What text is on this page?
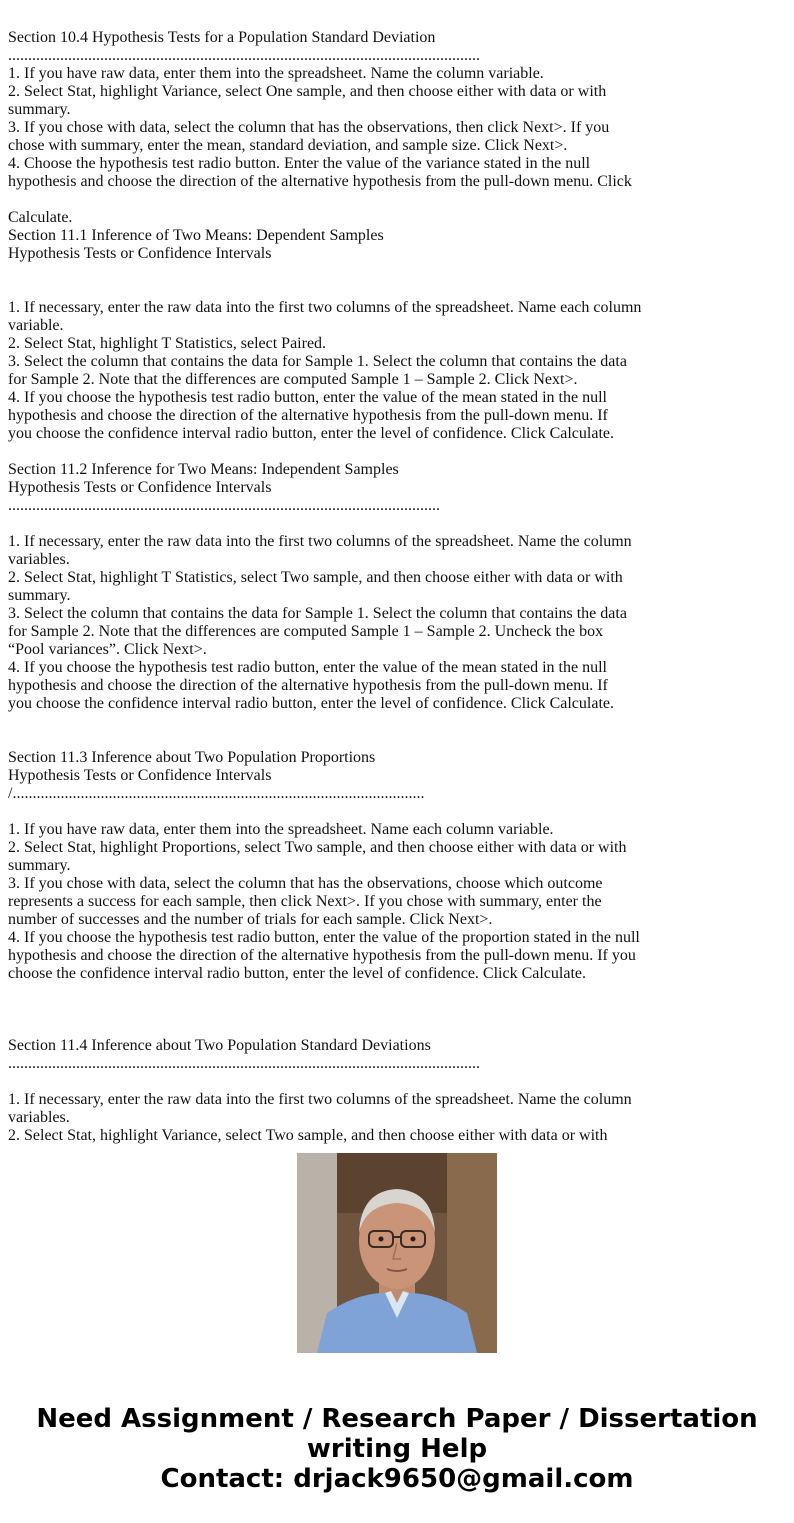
Section 10.4 Hypothesis Tests for a Population Standard Deviation
......................................................................................................................
1. If you have raw data, enter them into the spreadsheet. Name the column variable.
2. Select Stat, highlight Variance, select One sample, and then choose either with data or with
summary.
3. If you chose with data, select the column that has the observations, then click Next>. If you
chose with summary, enter the mean, standard deviation, and sample size. Click Next>.
4. Choose the hypothesis test radio button. Enter the value of the variance stated in the null
hypothesis and choose the direction of the alternative hypothesis from the pull-down menu. Click
Calculate.
Section 11.1 Inference of Two Means: Dependent Samples
Hypothesis Tests or Confidence Intervals
1. If necessary, enter the raw data into the first two columns of the spreadsheet. Name each column
variable.
2. Select Stat, highlight T Statistics, select Paired.
3. Select the column that contains the data for Sample 1. Select the column that contains the data
for Sample 2. Note that the differences are computed Sample 1 – Sample 2. Click Next>.
4. If you choose the hypothesis test radio button, enter the value of the mean stated in the null
hypothesis and choose the direction of the alternative hypothesis from the pull-down menu. If
you choose the confidence interval radio button, enter the level of confidence. Click Calculate.
Section 11.2 Inference for Two Means: Independent Samples
Hypothesis Tests or Confidence Intervals
............................................................................................................
1. If necessary, enter the raw data into the first two columns of the spreadsheet. Name the column
variables.
2. Select Stat, highlight T Statistics, select Two sample, and then choose either with data or with
summary.
3. Select the column that contains the data for Sample 1. Select the column that contains the data
for Sample 2. Note that the differences are computed Sample 1 – Sample 2. Uncheck the box
“Pool variances”. Click Next>.
4. If you choose the hypothesis test radio button, enter the value of the mean stated in the null
hypothesis and choose the direction of the alternative hypothesis from the pull-down menu. If
you choose the confidence interval radio button, enter the level of confidence. Click Calculate.
Section 11.3 Inference about Two Population Proportions
Hypothesis Tests or Confidence Intervals
/.......................................................................................................
1. If you have raw data, enter them into the spreadsheet. Name each column variable.
2. Select Stat, highlight Proportions, select Two sample, and then choose either with data or with
summary.
3. If you chose with data, select the column that has the observations, choose which outcome
represents a success for each sample, then click Next>. If you chose with summary, enter the
number of successes and the number of trials for each sample. Click Next>.
4. If you choose the hypothesis test radio button, enter the value of the proportion stated in the null
hypothesis and choose the direction of the alternative hypothesis from the pull-down menu. If you
choose the confidence interval radio button, enter the level of confidence. Click Calculate.
Section 11.4 Inference about Two Population Standard Deviations
......................................................................................................................
1. If necessary, enter the raw data into the first two columns of the spreadsheet. Name the column
variables.
2. Select Stat, highlight Variance, select Two sample, and then choose either with data or with
Need Assignment / Research Paper / Dissertation
writing Help
Contact: drjack9650@gmail.com
